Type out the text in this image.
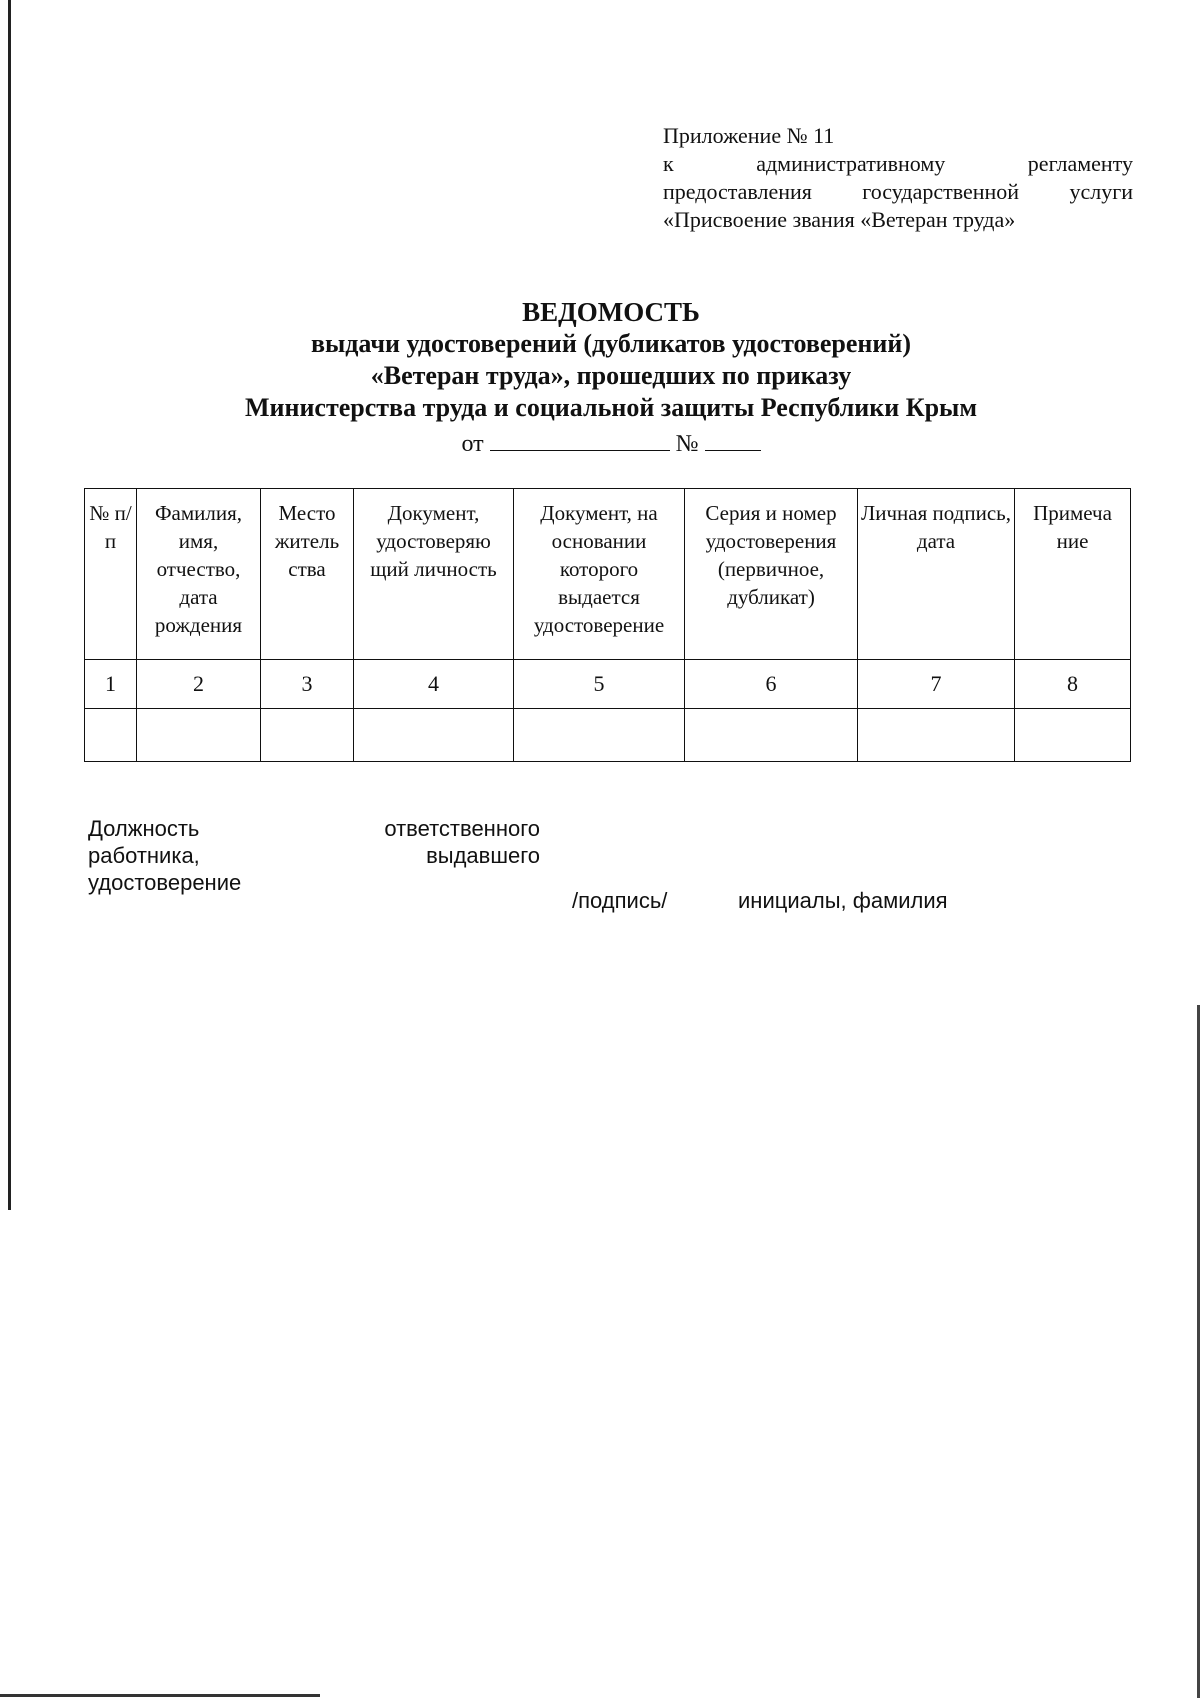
Приложение № 11
к административному регламенту
предоставления государственной услуги
«Присвоение звания «Ветеран труда»
ВЕДОМОСТЬ
выдачи удостоверений (дубликатов удостоверений)
«Ветеран труда», прошедших по приказу
Министерства труда и социальной защиты Республики Крым
от	№
№ п/п	Фамилия, имя, отчество, дата рождения	Место житель ства	Документ, удостоверяю щий личность	Документ, на основании которого выдается удостоверение	Серия и номер удостоверения (первичное, дубликат)	Личная подпись, дата	Примеча ние
1	2	3	4	5	6	7	8

Должность ответственного
работника, выдавшего
удостоверение
/подпись/	инициалы, фамилия
